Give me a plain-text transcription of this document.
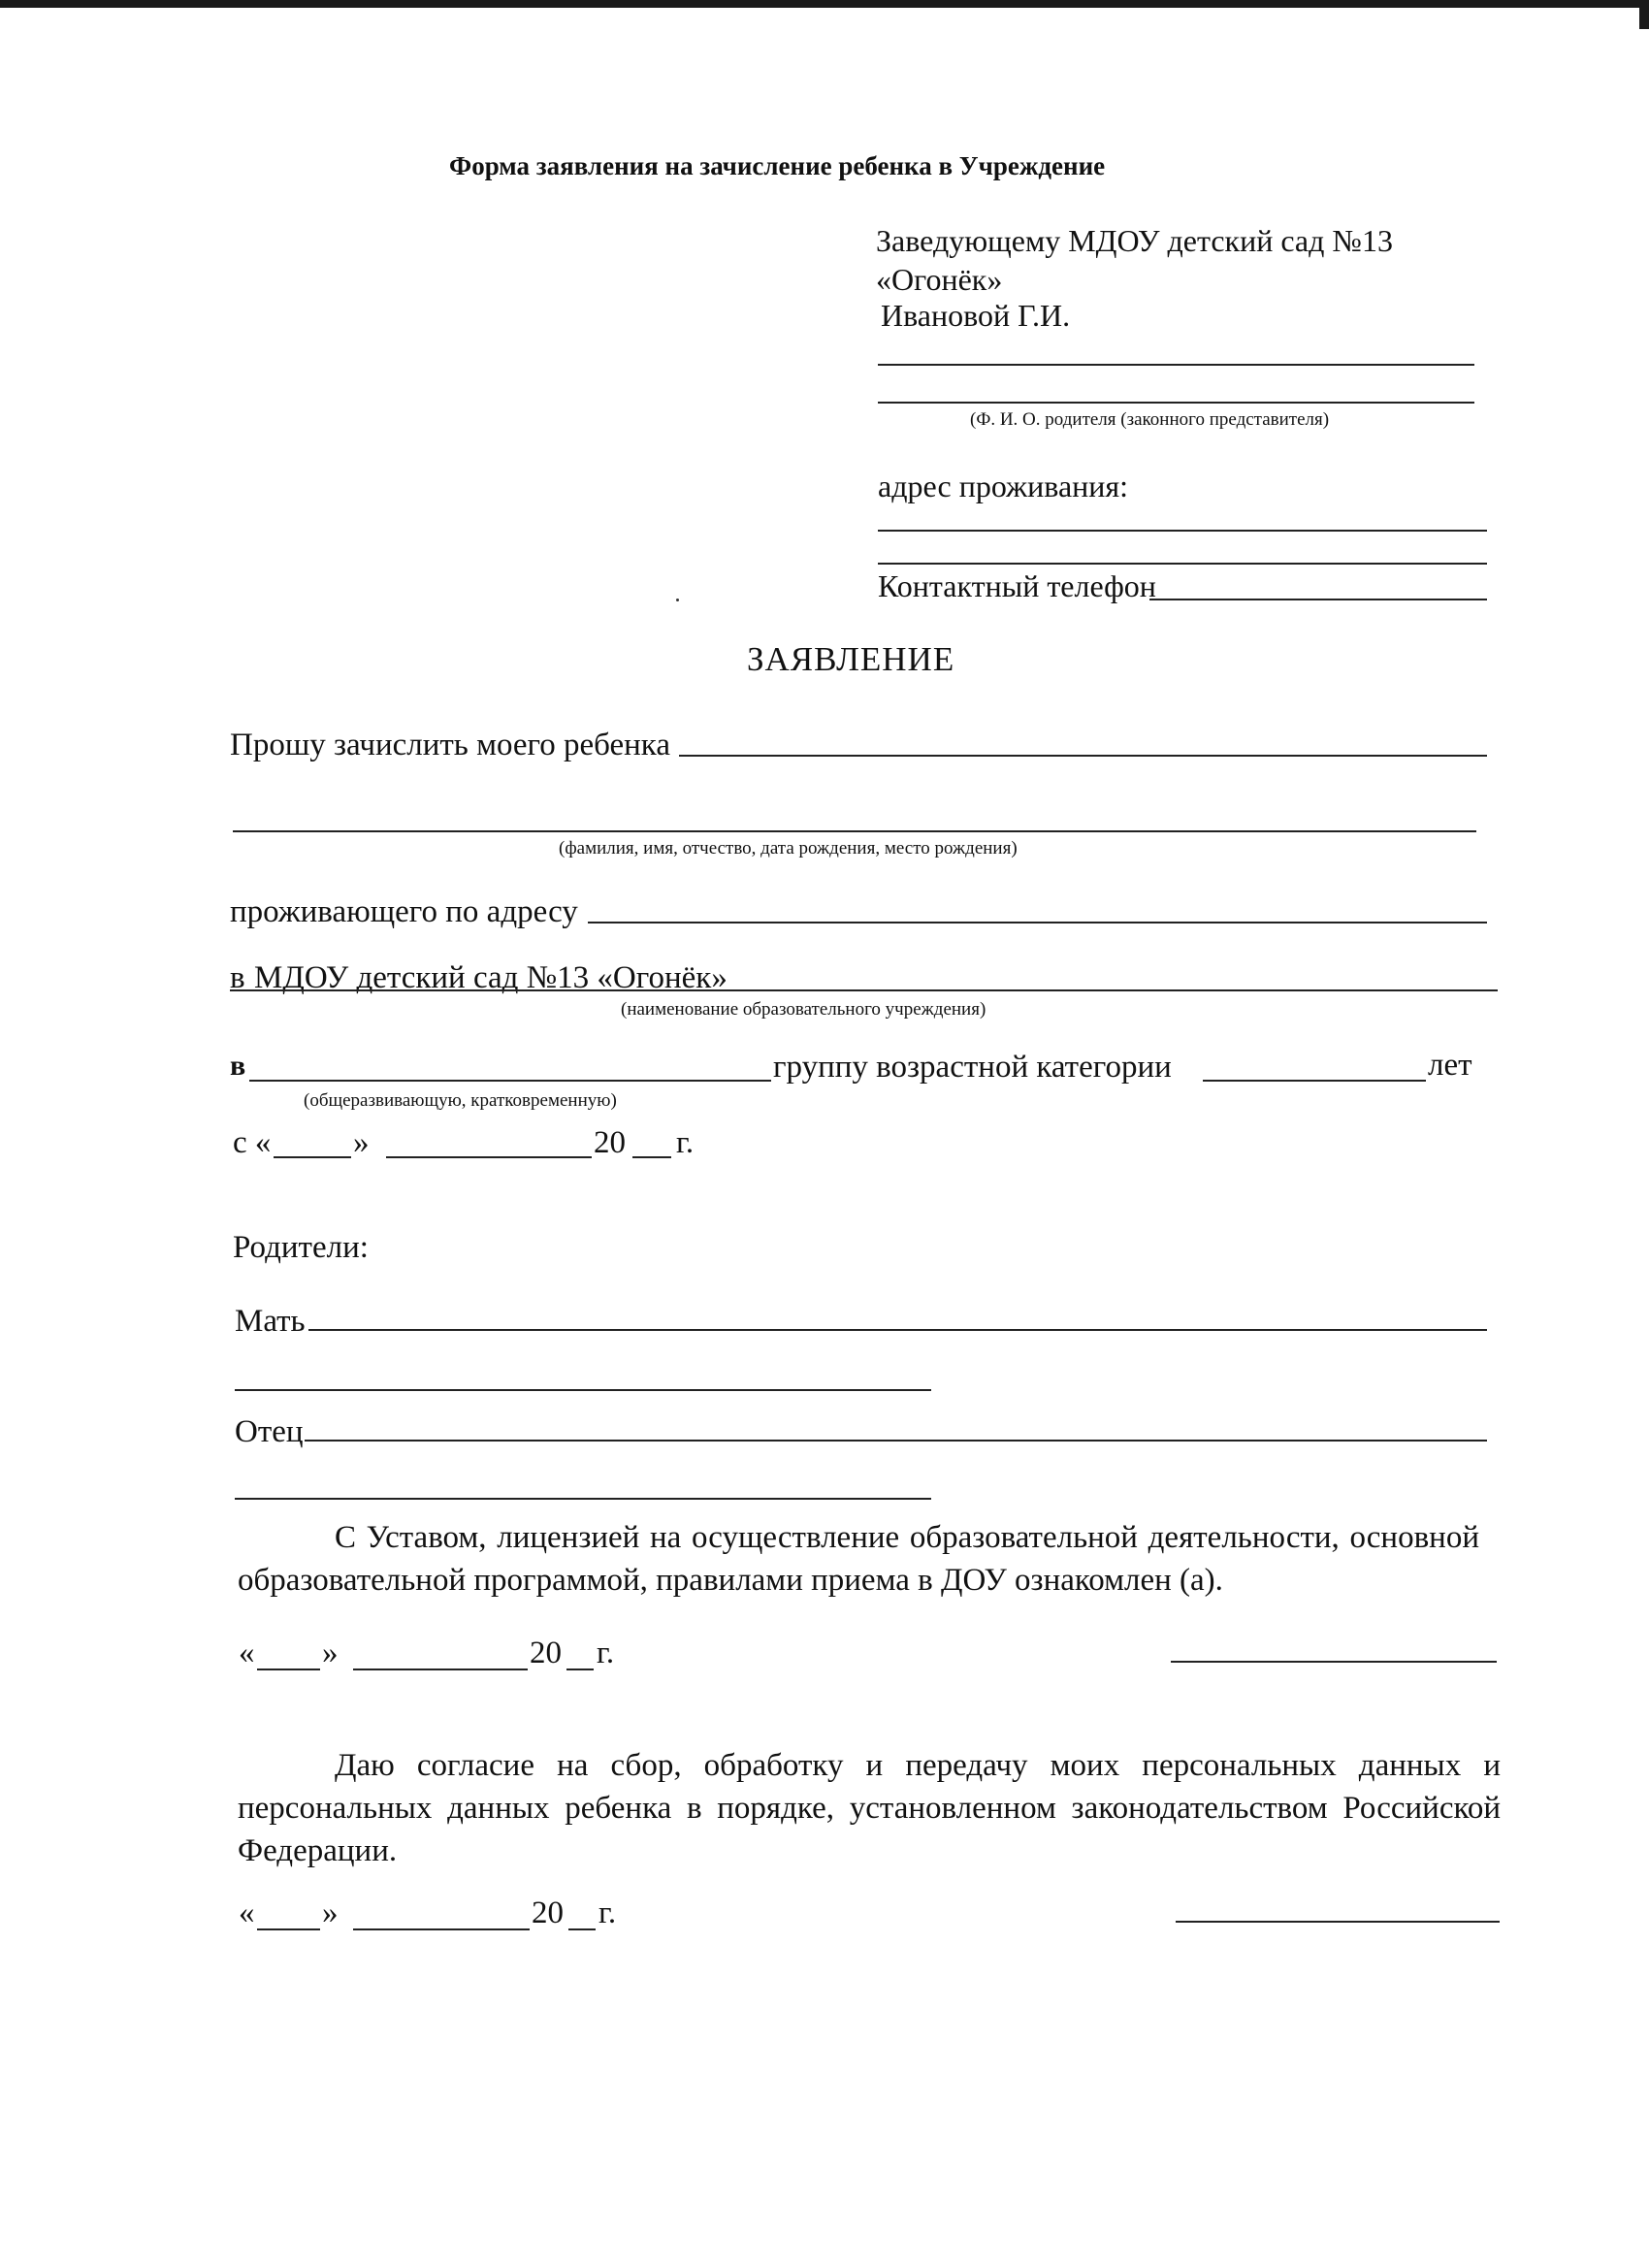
Форма заявления на зачисление ребенка в Учреждение
Заведующему МДОУ детский сад №13
«Огонёк»
Ивановой Г.И.
(Ф. И. О. родителя (законного представителя)
адрес проживания:
Контактный телефон
ЗАЯВЛЕНИЕ
Прошу зачислить моего ребенка
(фамилия, имя, отчество, дата рождения, место рождения)
проживающего по адресу
в МДОУ детский сад №13 «Огонёк»
(наименование образовательного учреждения)
в	группу возрастной категории	лет
(общеразвивающую, кратковременную)
с «	»	20 г.
Родители:
Мать
Отец
С Уставом, лицензией на осуществление образовательной деятельности, основной образовательной программой, правилами приема в ДОУ ознакомлен (а).
« »	20 г.
Даю согласие на сбор, обработку и передачу моих персональных данных и персональных данных ребенка в порядке, установленном законодательством Российской Федерации.
« »	20 г.
